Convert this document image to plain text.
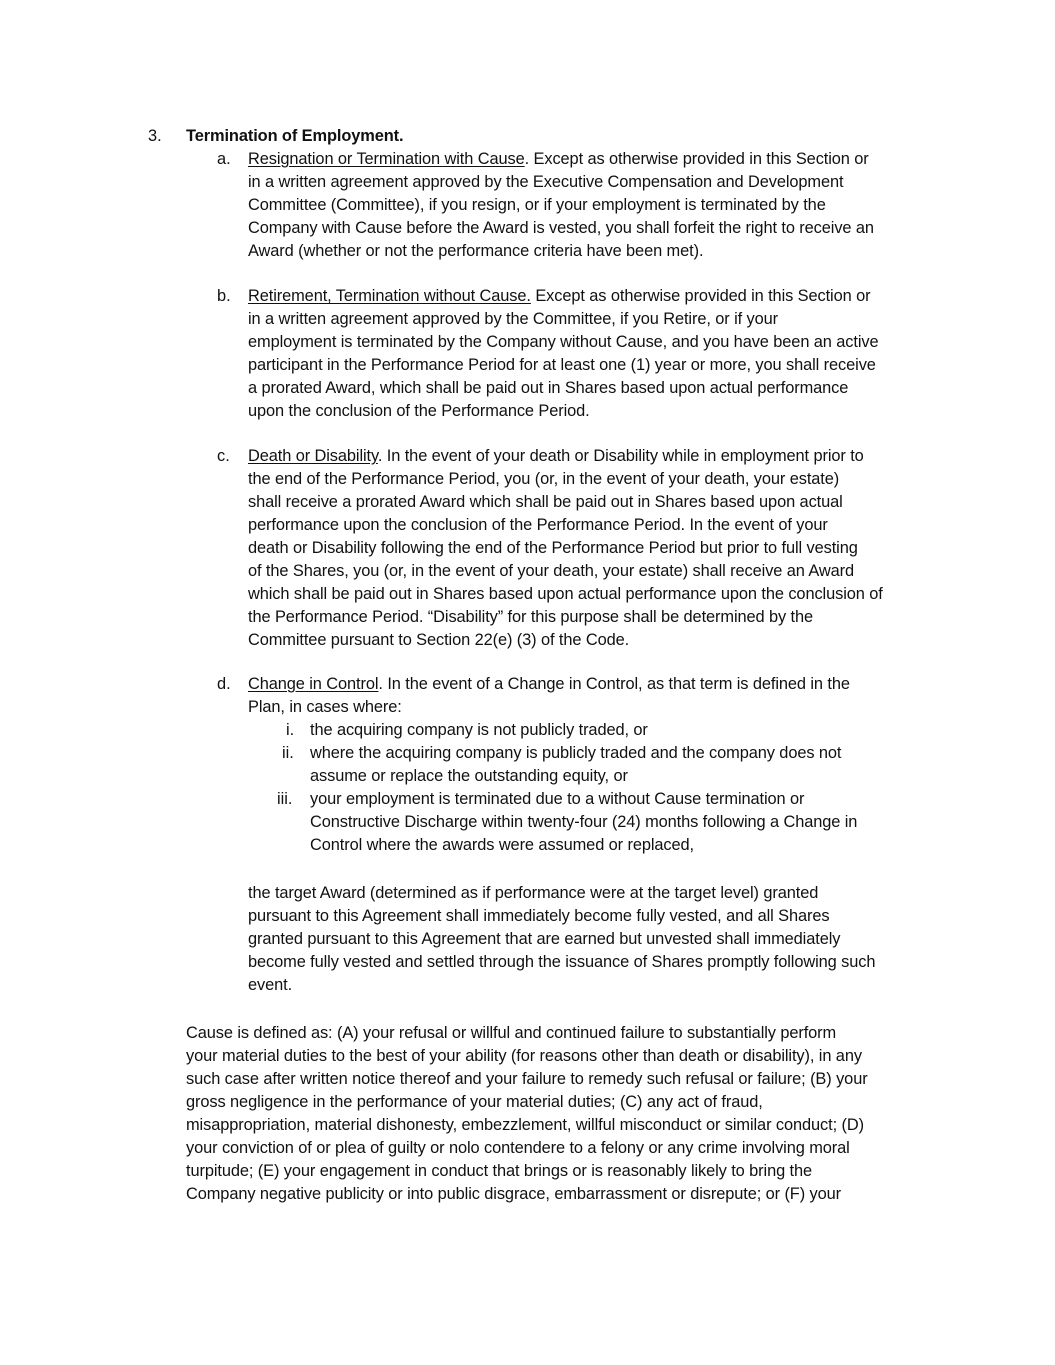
3. Termination of Employment.
a. Resignation or Termination with Cause. Except as otherwise provided in this Section or
in a written agreement approved by the Executive Compensation and Development
Committee (Committee), if you resign, or if your employment is terminated by the
Company with Cause before the Award is vested, you shall forfeit the right to receive an
Award (whether or not the performance criteria have been met).
b. Retirement, Termination without Cause. Except as otherwise provided in this Section or
in a written agreement approved by the Committee, if you Retire, or if your
employment is terminated by the Company without Cause, and you have been an active
participant in the Performance Period for at least one (1) year or more, you shall receive
a prorated Award, which shall be paid out in Shares based upon actual performance
upon the conclusion of the Performance Period.
c. Death or Disability. In the event of your death or Disability while in employment prior to
the end of the Performance Period, you (or, in the event of your death, your estate)
shall receive a prorated Award which shall be paid out in Shares based upon actual
performance upon the conclusion of the Performance Period. In the event of your
death or Disability following the end of the Performance Period but prior to full vesting
of the Shares, you (or, in the event of your death, your estate) shall receive an Award
which shall be paid out in Shares based upon actual performance upon the conclusion of
the Performance Period. “Disability” for this purpose shall be determined by the
Committee pursuant to Section 22(e) (3) of the Code.
d. Change in Control. In the event of a Change in Control, as that term is defined in the
Plan, in cases where:
i. the acquiring company is not publicly traded, or
ii. where the acquiring company is publicly traded and the company does not
assume or replace the outstanding equity, or
iii. your employment is terminated due to a without Cause termination or
Constructive Discharge within twenty-four (24) months following a Change in
Control where the awards were assumed or replaced,
the target Award (determined as if performance were at the target level) granted
pursuant to this Agreement shall immediately become fully vested, and all Shares
granted pursuant to this Agreement that are earned but unvested shall immediately
become fully vested and settled through the issuance of Shares promptly following such
event.
Cause is defined as: (A) your refusal or willful and continued failure to substantially perform
your material duties to the best of your ability (for reasons other than death or disability), in any
such case after written notice thereof and your failure to remedy such refusal or failure; (B) your
gross negligence in the performance of your material duties; (C) any act of fraud,
misappropriation, material dishonesty, embezzlement, willful misconduct or similar conduct; (D)
your conviction of or plea of guilty or nolo contendere to a felony or any crime involving moral
turpitude; (E) your engagement in conduct that brings or is reasonably likely to bring the
Company negative publicity or into public disgrace, embarrassment or disrepute; or (F) your
